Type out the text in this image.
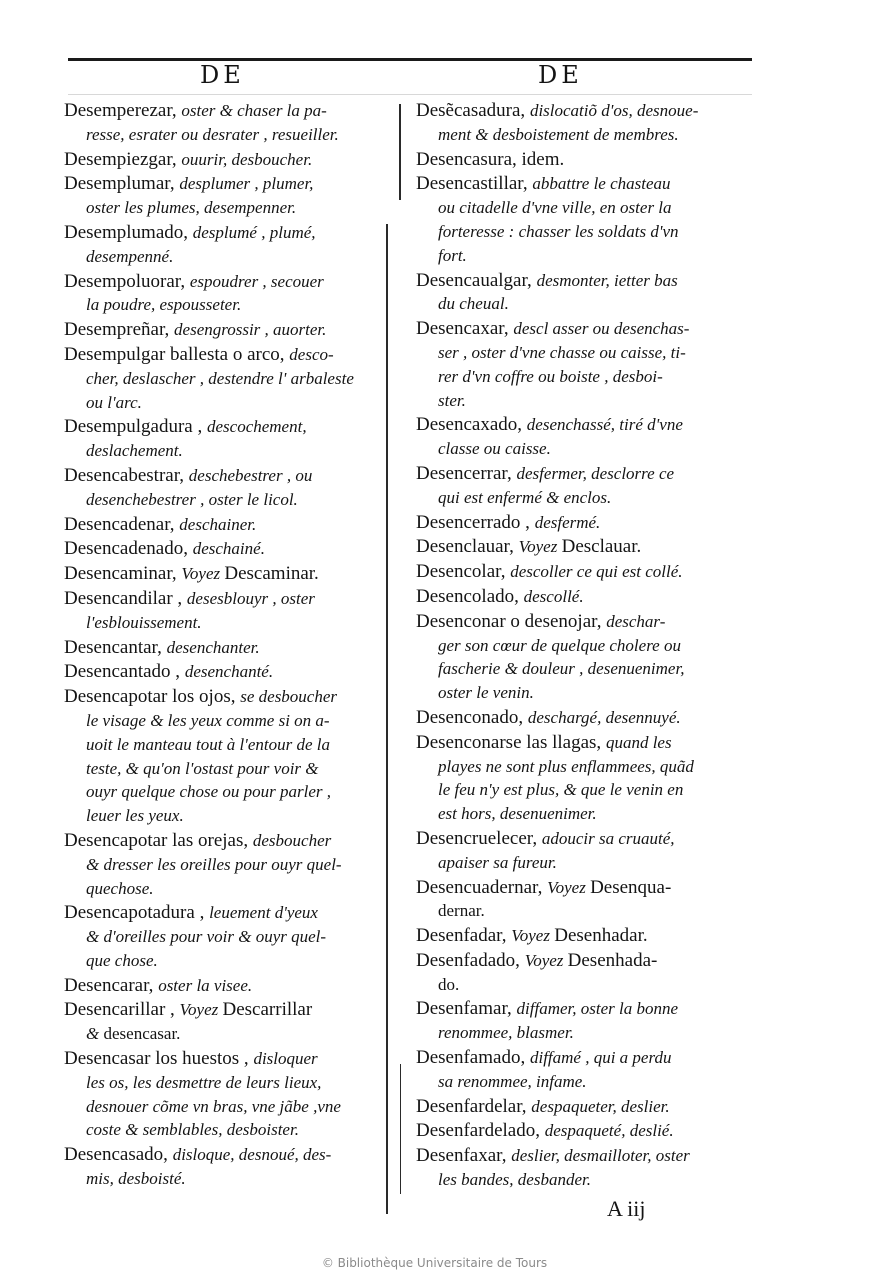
DE	DE
Desemperezar, oster & chaser la pa-
resse, esrater ou desrater , resueiller.
Desempiezgar, ouurir, desboucher.
Desemplumar, desplumer , plumer,
oster les plumes, desempenner.
Desemplumado, desplumé , plumé,
desempenné.
Desempoluorar, espoudrer , secouer
la poudre, espousseter.
Desempreñar, desengrossir , auorter.
Desempulgar ballesta o arco, desco-
cher, deslascher , destendre l' arbaleste
ou l'arc.
Desempulgadura , descochement,
deslachement.
Desencabestrar, deschebestrer , ou
desenchebestrer , oster le licol.
Desencadenar, deschainer.
Desencadenado, deschainé.
Desencaminar, Voyez Descaminar.
Desencandilar , desesblouyr , oster
l'esblouissement.
Desencantar, desenchanter.
Desencantado , desenchanté.
Desencapotar los ojos, se desboucher
le visage & les yeux comme si on a-
uoit le manteau tout à l'entour de la
teste, & qu'on l'ostast pour voir &
ouyr quelque chose ou pour parler ,
leuer les yeux.
Desencapotar las orejas, desboucher
& dresser les oreilles pour ouyr quel-
quechose.
Desencapotadura , leuement d'yeux
& d'oreilles pour voir & ouyr quel-
que chose.
Desencarar, oster la visee.
Desencarillar , Voyez Descarrillar
& desencasar.
Desencasar los huestos , disloquer
les os, les desmettre de leurs lieux,
desnouer cõme vn bras, vne jãbe ,vne
coste & semblables, desboister.
Desencasado, disloque, desnoué, des-
mis, desboisté.
Desẽcasadura, dislocatiõ d'os, desnoue-
ment & desboistement de membres.
Desencasura, idem.
Desencastillar, abbattre le chasteau
ou citadelle d'vne ville, en oster la
forteresse : chasser les soldats d'vn
fort.
Desencaualgar, desmonter, ietter bas
du cheual.
Desencaxar, descl asser ou desenchas-
ser , oster d'vne chasse ou caisse, ti-
rer d'vn coffre ou boiste , desboi-
ster.
Desencaxado, desenchassé, tiré d'vne
classe ou caisse.
Desencerrar, desfermer, desclorre ce
qui est enfermé & enclos.
Desencerrado , desfermé.
Desenclauar, Voyez Desclauar.
Desencolar, descoller ce qui est collé.
Desencolado, descollé.
Desenconar o desenojar, deschar-
ger son cœur de quelque cholere ou
fascherie & douleur , desenuenimer,
oster le venin.
Desenconado, deschargé, desennuyé.
Desenconarse las llagas, quand les
playes ne sont plus enflammees, quãd
le feu n'y est plus, & que le venin en
est hors, desenuenimer.
Desencruelecer, adoucir sa cruauté,
apaiser sa fureur.
Desencuadernar, Voyez Desenqua-
dernar.
Desenfadar, Voyez Desenhadar.
Desenfadado, Voyez Desenhada-
do.
Desenfamar, diffamer, oster la bonne
renommee, blasmer.
Desenfamado, diffamé , qui a perdu
sa renommee, infame.
Desenfardelar, despaqueter, deslier.
Desenfardelado, despaqueté, deslié.
Desenfaxar, deslier, desmailloter, oster
les bandes, desbander.
A iij
© Bibliothèque Universitaire de Tours
